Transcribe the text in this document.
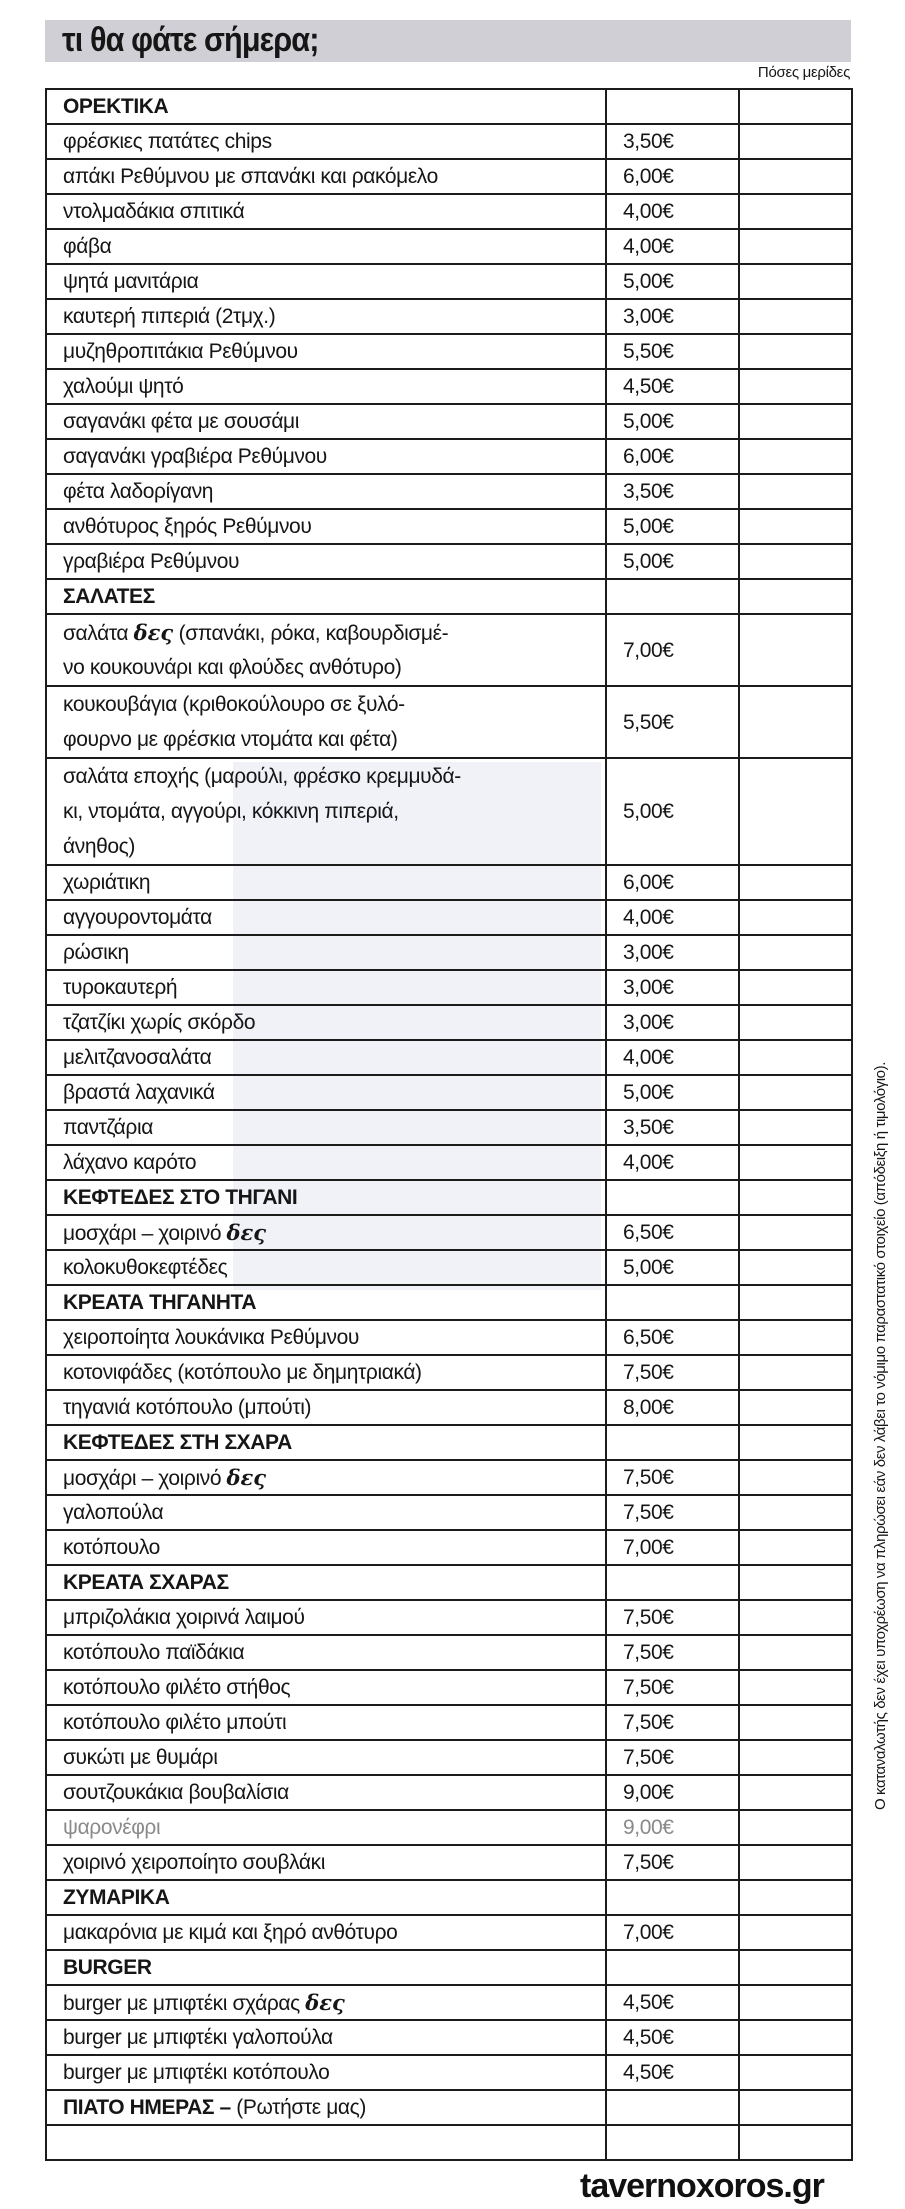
τι θα φάτε σήμερα;
Πόσες μερίδες
ΟΡΕΚΤΙΚΑ		

φρέσκιες πατάτες chips	3,50€	

απάκι Ρεθύμνου με σπανάκι και ρακόμελο	6,00€	

ντολμαδάκια σπιτικά	4,00€	

φάβα	4,00€	

ψητά μανιτάρια	5,00€	

καυτερή πιπεριά (2τμχ.)	3,00€	

μυζηθροπιτάκια Ρεθύμνου	5,50€	

χαλούμι ψητό	4,50€	

σαγανάκι φέτα με σουσάμι	5,00€	

σαγανάκι γραβιέρα Ρεθύμνου	6,00€	

φέτα λαδορίγανη	3,50€	

ανθότυρος ξηρός Ρεθύμνου	5,00€	

γραβιέρα Ρεθύμνου	5,00€	

ΣΑΛΑΤΕΣ		

σαλάτα δες (σπανάκι, ρόκα, καβουρδισμέ-
νο κουκουνάρι και φλούδες ανθότυρο)	7,00€	

κουκουβάγια (κριθοκούλουρο σε ξυλό-
φουρνο με φρέσκια ντομάτα και φέτα)	5,50€	

σαλάτα εποχής (μαρούλι, φρέσκο κρεμμυδά-
κι, ντομάτα, αγγούρι, κόκκινη πιπεριά,
άνηθος)	5,00€	

χωριάτικη	6,00€	

αγγουροντομάτα	4,00€	

ρώσικη	3,00€	

τυροκαυτερή	3,00€	

τζατζίκι χωρίς σκόρδο	3,00€	

μελιτζανοσαλάτα	4,00€	

βραστά λαχανικά	5,00€	

παντζάρια	3,50€	

λάχανο καρότο	4,00€	

ΚΕΦΤΕΔΕΣ ΣΤΟ ΤΗΓΑΝΙ		

μοσχάρι – χοιρινό δες	6,50€	

κολοκυθοκεφτέδες	5,00€	

ΚΡΕΑΤΑ ΤΗΓΑΝΗΤΑ		

χειροποίητα λουκάνικα Ρεθύμνου	6,50€	

κοτονιφάδες (κοτόπουλο με δημητριακά)	7,50€	

τηγανιά κοτόπουλο (μπούτι)	8,00€	

ΚΕΦΤΕΔΕΣ ΣΤΗ ΣΧΑΡΑ		

μοσχάρι – χοιρινό δες	7,50€	

γαλοπούλα	7,50€	

κοτόπουλο	7,00€	

ΚΡΕΑΤΑ ΣΧΑΡΑΣ		

μπριζολάκια χοιρινά λαιμού	7,50€	

κοτόπουλο παϊδάκια	7,50€	

κοτόπουλο φιλέτο στήθος	7,50€	

κοτόπουλο φιλέτο μπούτι	7,50€	

συκώτι με θυμάρι	7,50€	

σουτζουκάκια βουβαλίσια	9,00€	

ψαρονέφρι	9,00€	

χοιρινό χειροποίητο σουβλάκι	7,50€	

ΖΥΜΑΡΙΚΑ		

μακαρόνια με κιμά και ξηρό ανθότυρο	7,00€	

BURGER		

burger με μπιφτέκι σχάρας δες	4,50€	

burger με μπιφτέκι γαλοπούλα	4,50€	

burger με μπιφτέκι κοτόπουλο	4,50€	

ΠΙΑΤΟ ΗΜΕΡΑΣ – (Ρωτήστε μας)		

Ο καταναλωτής δεν έχει υποχρέωση να πληρώσει εάν δεν λάβει το νόμιμο παραστατικό στοιχείο (απόδειξη ή τιμολόγιο).
tavernoxoros.gr
